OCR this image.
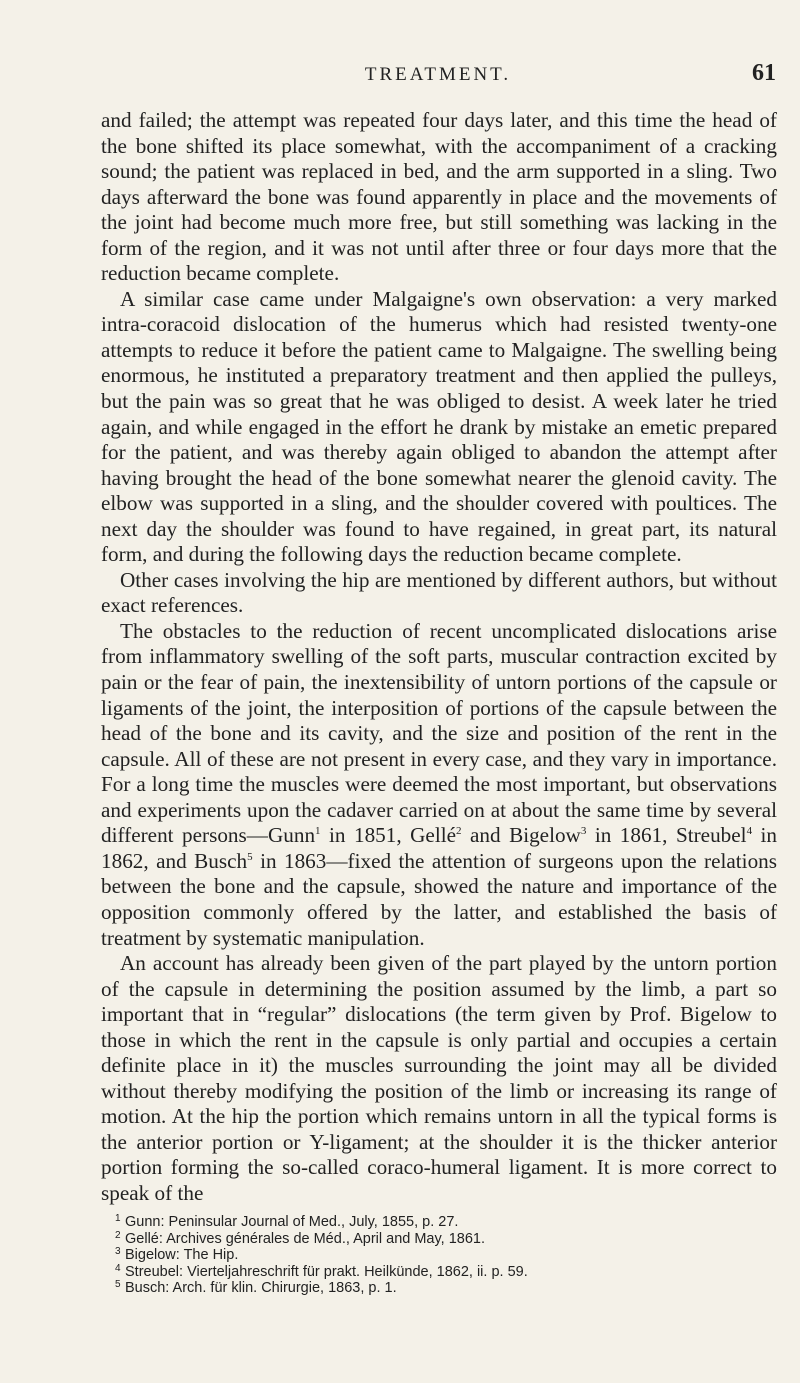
TREATMENT.	61

and failed; the attempt was repeated four days later, and this time the head of the bone shifted its place somewhat, with the accompaniment of a cracking sound; the patient was replaced in bed, and the arm supported in a sling. Two days afterward the bone was found apparently in place and the movements of the joint had become much more free, but still something was lacking in the form of the region, and it was not until after three or four days more that the reduction became complete.

A similar case came under Malgaigne's own observation: a very marked intra-coracoid dislocation of the humerus which had resisted twenty-one attempts to reduce it before the patient came to Malgaigne. The swelling being enormous, he instituted a preparatory treatment and then applied the pulleys, but the pain was so great that he was obliged to desist. A week later he tried again, and while engaged in the effort he drank by mistake an emetic prepared for the patient, and was thereby again obliged to abandon the attempt after having brought the head of the bone somewhat nearer the glenoid cavity. The elbow was supported in a sling, and the shoulder covered with poultices. The next day the shoulder was found to have regained, in great part, its natural form, and during the following days the reduction became complete.

Other cases involving the hip are mentioned by different authors, but without exact references.

The obstacles to the reduction of recent uncomplicated dislocations arise from inflammatory swelling of the soft parts, muscular contraction excited by pain or the fear of pain, the inextensibility of untorn portions of the capsule or ligaments of the joint, the interposition of portions of the capsule between the head of the bone and its cavity, and the size and position of the rent in the capsule. All of these are not present in every case, and they vary in importance. For a long time the muscles were deemed the most important, but observations and experiments upon the cadaver carried on at about the same time by several different persons—Gunn$^1$ in 1851, Gellé$^2$ and Bigelow$^3$ in 1861, Streubel$^4$ in 1862, and Busch$^5$ in 1863—fixed the attention of surgeons upon the relations between the bone and the capsule, showed the nature and importance of the opposition commonly offered by the latter, and established the basis of treatment by systematic manipulation.

An account has already been given of the part played by the untorn portion of the capsule in determining the position assumed by the limb, a part so important that in “regular” dislocations (the term given by Prof. Bigelow to those in which the rent in the capsule is only partial and occupies a certain definite place in it) the muscles surrounding the joint may all be divided without thereby modifying the position of the limb or increasing its range of motion. At the hip the portion which remains untorn in all the typical forms is the anterior portion or Y-ligament; at the shoulder it is the thicker anterior portion forming the so-called coraco-humeral ligament. It is more correct to speak of the

1 Gunn: Peninsular Journal of Med., July, 1855, p. 27.
2 Gellé: Archives générales de Méd., April and May, 1861.
3 Bigelow: The Hip.
4 Streubel: Vierteljahreschrift für prakt. Heilkünde, 1862, ii. p. 59.
5 Busch: Arch. für klin. Chirurgie, 1863, p. 1.
